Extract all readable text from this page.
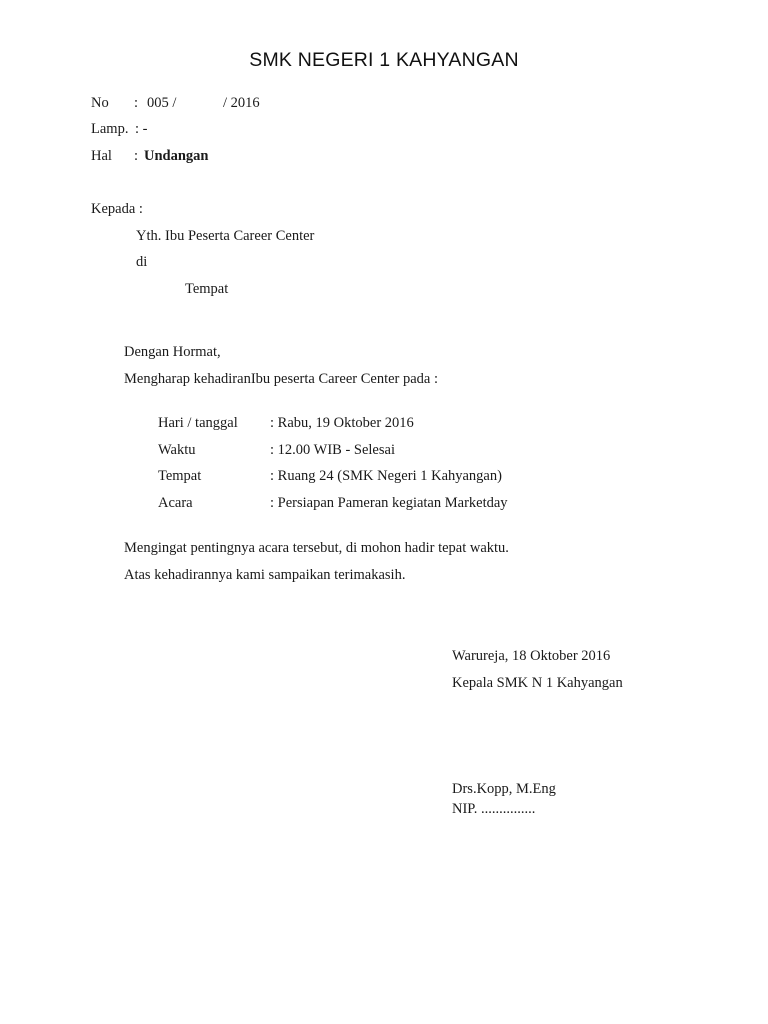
SMK NEGERI 1 KAHYANGAN
No : 005 /	/ 2016
Lamp. : -
Hal : Undangan
Kepada :
Yth. Ibu Peserta Career Center
di
Tempat
Dengan Hormat,
Mengharap kehadiranIbu peserta Career Center pada :
Hari / tanggal : Rabu, 19 Oktober 2016
Waktu	: 12.00 WIB - Selesai
Tempat	: Ruang 24 (SMK Negeri 1 Kahyangan)
Acara	: Persiapan Pameran kegiatan Marketday
Mengingat pentingnya acara tersebut, di mohon hadir tepat waktu.
Atas kehadirannya kami sampaikan terimakasih.
Warureja, 18 Oktober 2016
Kepala SMK N 1 Kahyangan
Drs.Kopp, M.Eng
NIP. ...............
